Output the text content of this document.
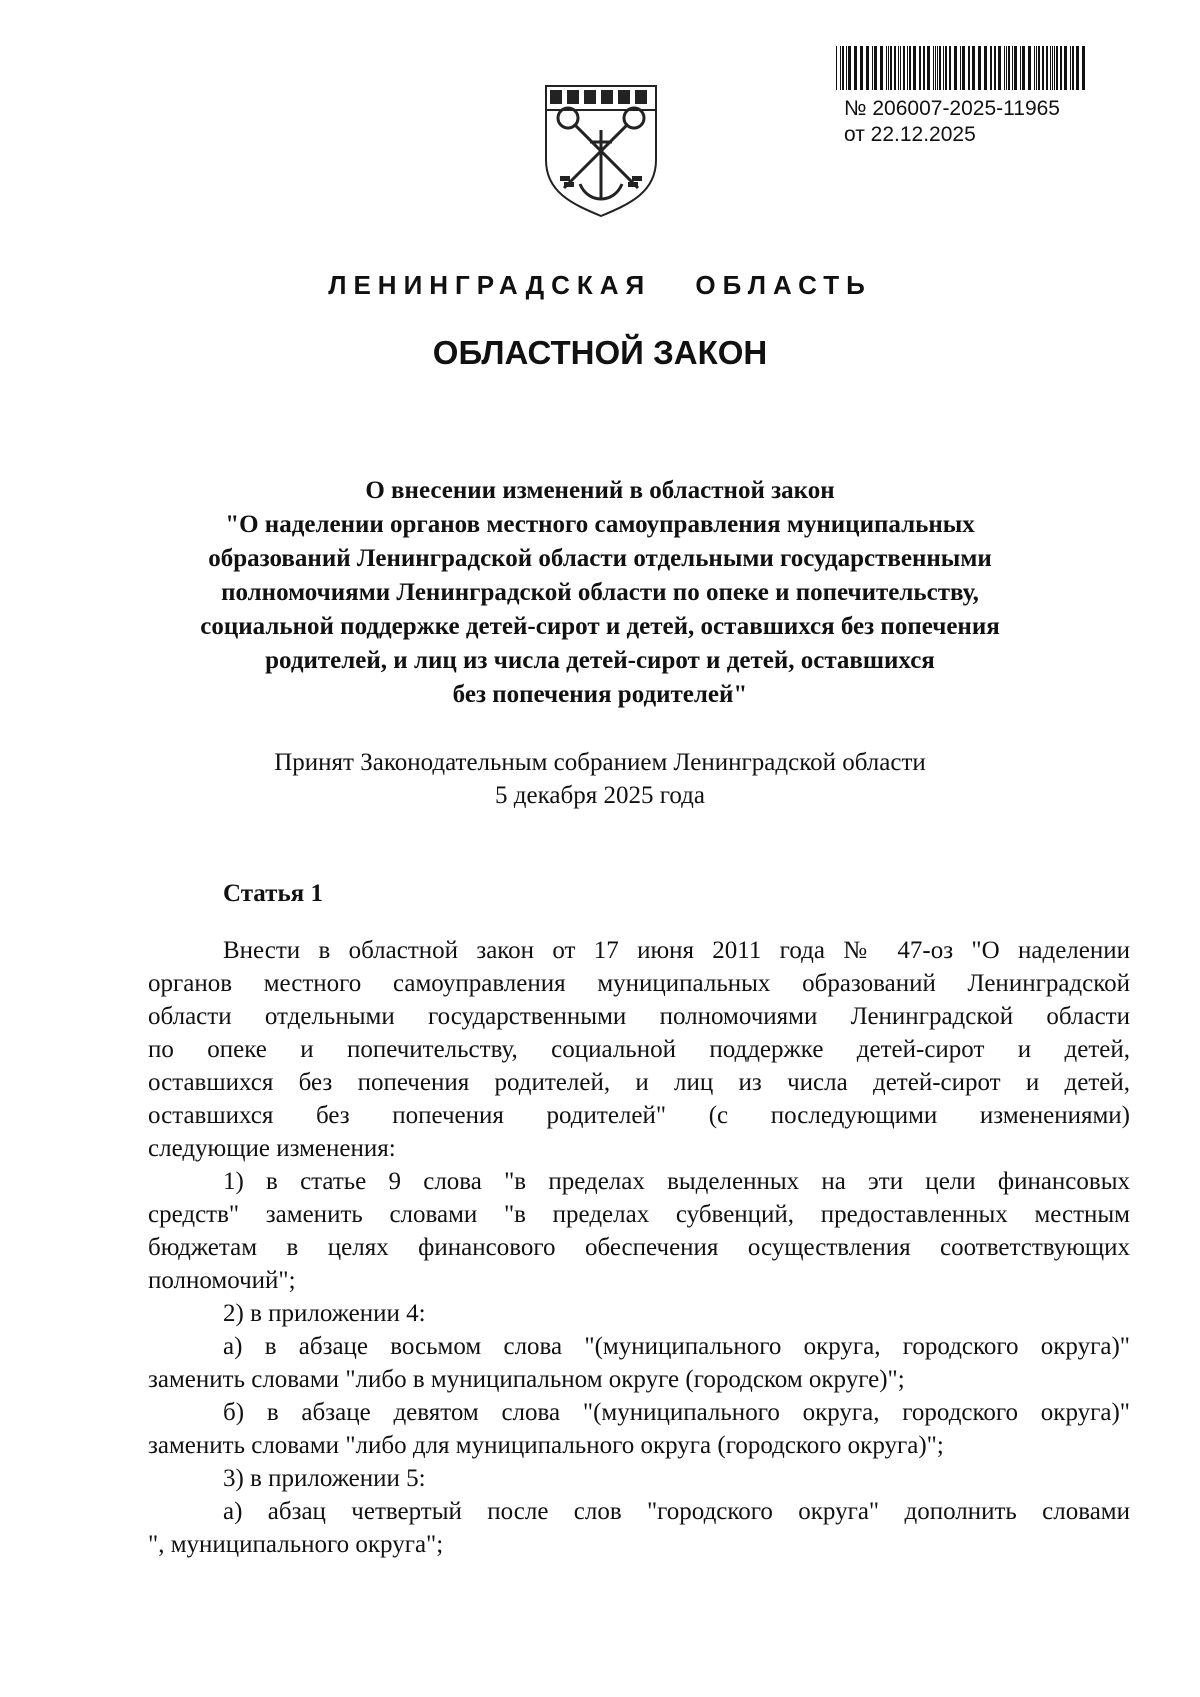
№ 206007-2025-11965
от 22.12.2025
ЛЕНИНГРАДСКАЯ ОБЛАСТЬ
ОБЛАСТНОЙ ЗАКОН
О внесении изменений в областной закон
"О наделении органов местного самоуправления муниципальных
образований Ленинградской области отдельными государственными
полномочиями Ленинградской области по опеке и попечительству,
социальной поддержке детей-сирот и детей, оставшихся без попечения
родителей, и лиц из числа детей-сирот и детей, оставшихся
без попечения родителей"
Принят Законодательным собранием Ленинградской области
5 декабря 2025 года
Статья 1
Внести в областной закон от 17 июня 2011 года № 47-оз "О наделении
органов местного самоуправления муниципальных образований Ленинградской
области отдельными государственными полномочиями Ленинградской области
по опеке и попечительству, социальной поддержке детей-сирот и детей,
оставшихся без попечения родителей, и лиц из числа детей-сирот и детей,
оставшихся без попечения родителей" (с последующими изменениями)
следующие изменения:
1) в статье 9 слова "в пределах выделенных на эти цели финансовых
средств" заменить словами "в пределах субвенций, предоставленных местным
бюджетам в целях финансового обеспечения осуществления соответствующих
полномочий";
2) в приложении 4:
а) в абзаце восьмом слова "(муниципального округа, городского округа)"
заменить словами "либо в муниципальном округе (городском округе)";
б) в абзаце девятом слова "(муниципального округа, городского округа)"
заменить словами "либо для муниципального округа (городского округа)";
3) в приложении 5:
а) абзац четвертый после слов "городского округа" дополнить словами
", муниципального округа";
